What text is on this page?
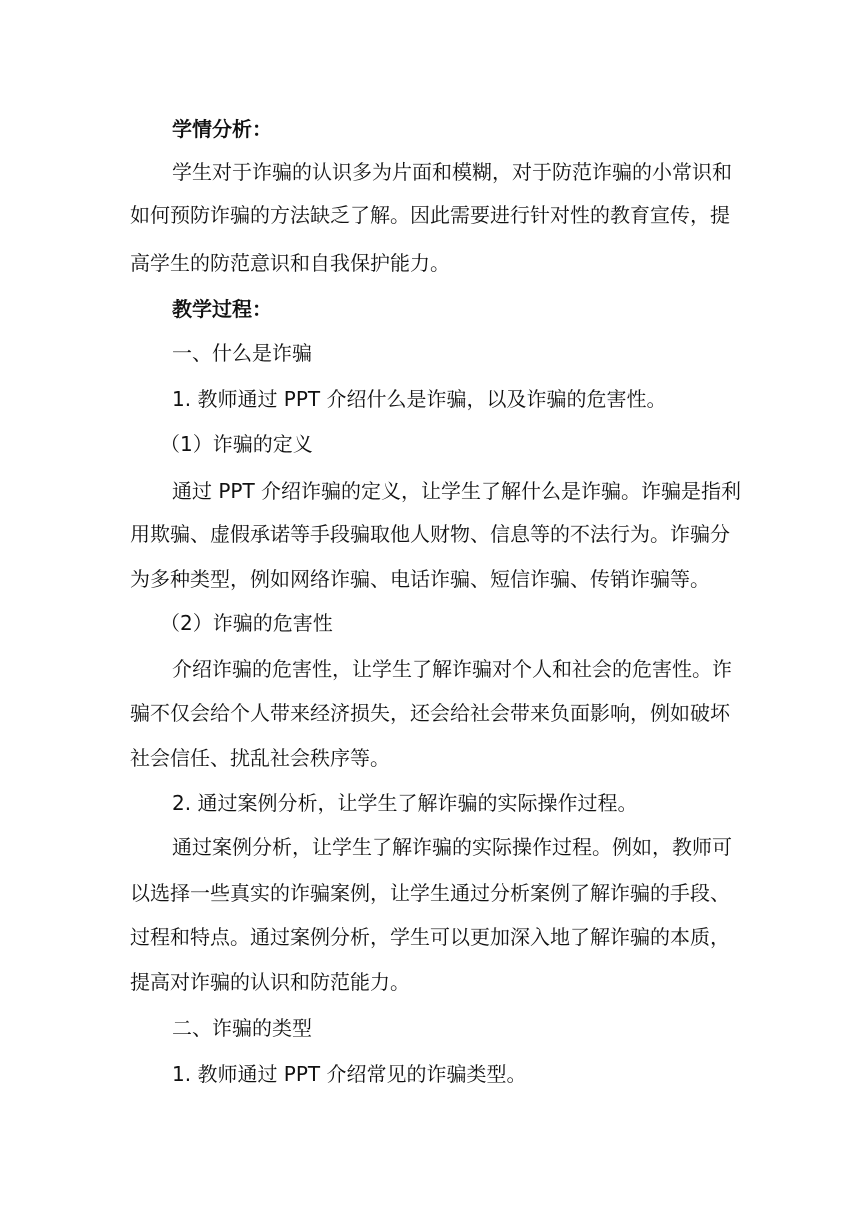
学情分析：
学生对于诈骗的认识多为片面和模糊，对于防范诈骗的小常识和
如何预防诈骗的方法缺乏了解。因此需要进行针对性的教育宣传，提
高学生的防范意识和自我保护能力。
教学过程：
一、什么是诈骗
1. 教师通过 PPT 介绍什么是诈骗，以及诈骗的危害性。
（1）诈骗的定义
通过 PPT 介绍诈骗的定义，让学生了解什么是诈骗。诈骗是指利
用欺骗、虚假承诺等手段骗取他人财物、信息等的不法行为。诈骗分
为多种类型，例如网络诈骗、电话诈骗、短信诈骗、传销诈骗等。
（2）诈骗的危害性
介绍诈骗的危害性，让学生了解诈骗对个人和社会的危害性。诈
骗不仅会给个人带来经济损失，还会给社会带来负面影响，例如破坏
社会信任、扰乱社会秩序等。
2. 通过案例分析，让学生了解诈骗的实际操作过程。
通过案例分析，让学生了解诈骗的实际操作过程。例如，教师可
以选择一些真实的诈骗案例，让学生通过分析案例了解诈骗的手段、
过程和特点。通过案例分析，学生可以更加深入地了解诈骗的本质，
提高对诈骗的认识和防范能力。
二、诈骗的类型
1. 教师通过 PPT 介绍常见的诈骗类型。
